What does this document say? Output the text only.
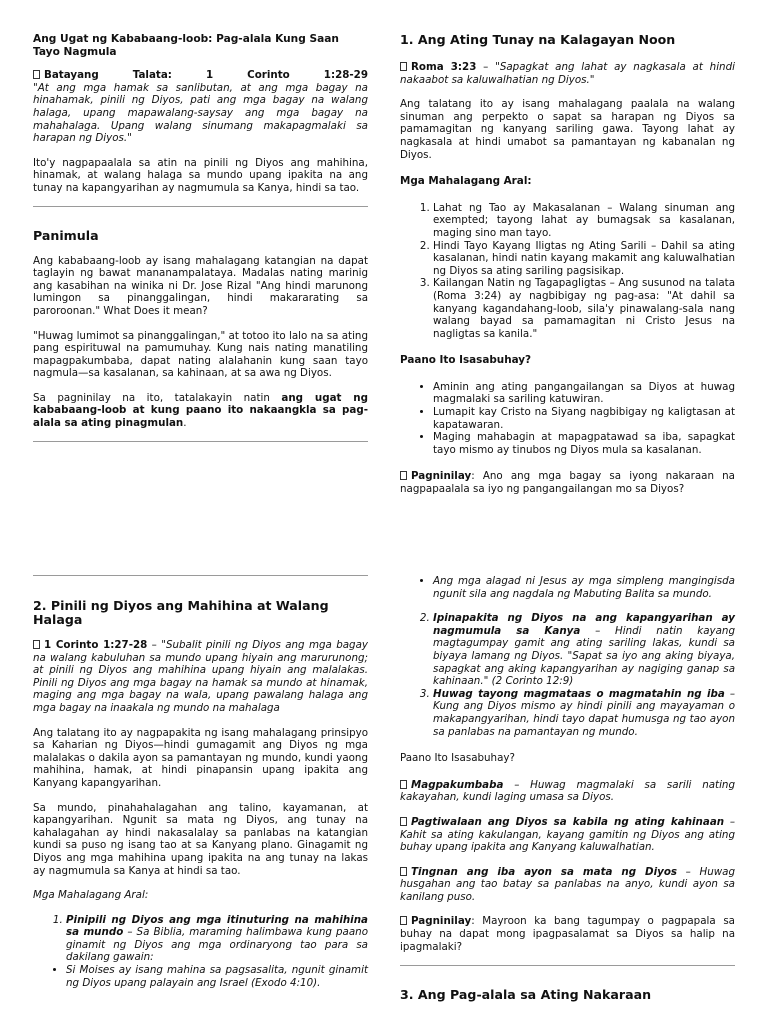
Ang Ugat ng Kababaang-loob: Pag-alala Kung Saan Tayo Nagmula

Batayang Talata: 1 Corinto 1:28-29

"At ang mga hamak sa sanlibutan, at ang mga bagay na hinahamak, pinili ng Diyos, pati ang mga bagay na walang halaga, upang mapawalang-saysay ang mga bagay na mahahalaga. Upang walang sinumang makapagmalaki sa harapan ng Diyos."

Ito'y nagpapaalala sa atin na pinili ng Diyos ang mahihina, hinamak, at walang halaga sa mundo upang ipakita na ang tunay na kapangyarihan ay nagmumula sa Kanya, hindi sa tao.

Panimula

Ang kababaang-loob ay isang mahalagang katangian na dapat taglayin ng bawat mananampalataya. Madalas nating marinig ang kasabihan na winika ni Dr. Jose Rizal "Ang hindi marunong lumingon sa pinanggalingan, hindi makararating sa paroroonan." What Does it mean?

"Huwag lumimot sa pinanggalingan," at totoo ito lalo na sa ating pang espirituwal na pamumuhay. Kung nais nating manatiling mapagpakumbaba, dapat nating alalahanin kung saan tayo nagmula—sa kasalanan, sa kahinaan, at sa awa ng Diyos.

Sa pagninilay na ito, tatalakayin natin ang ugat ng kababaang-loob at kung paano ito nakaangkla sa pag-alala sa ating pinagmulan.

1. Ang Ating Tunay na Kalagayan Noon

Roma 3:23 – "Sapagkat ang lahat ay nagkasala at hindi nakaabot sa kaluwalhatian ng Diyos."

Ang talatang ito ay isang mahalagang paalala na walang sinuman ang perpekto o sapat sa harapan ng Diyos sa pamamagitan ng kanyang sariling gawa. Tayong lahat ay nagkasala at hindi umabot sa pamantayan ng kabanalan ng Diyos.

Mga Mahalagang Aral:
1. Lahat ng Tao ay Makasalanan – Walang sinuman ang exempted; tayong lahat ay bumagsak sa kasalanan, maging sino man tayo.
2. Hindi Tayo Kayang Iligtas ng Ating Sarili – Dahil sa ating kasalanan, hindi natin kayang makamit ang kaluwalhatian ng Diyos sa ating sariling pagsisikap.
3. Kailangan Natin ng Tagapagligtas – Ang susunod na talata (Roma 3:24) ay nagbibigay ng pag-asa: "At dahil sa kanyang kagandahang-loob, sila'y pinawalang-sala nang walang bayad sa pamamagitan ni Cristo Jesus na nagligtas sa kanila."
Paano Ito Isasabuhay?
• Aminin ang ating pangangailangan sa Diyos at huwag magmalaki sa sariling katuwiran.
• Lumapit kay Cristo na Siyang nagbibigay ng kaligtasan at kapatawaran.
• Maging mahabagin at mapagpatawad sa iba, sapagkat tayo mismo ay tinubos ng Diyos mula sa kasalanan.

Pagninilay: Ano ang mga bagay sa iyong nakaraan na nagpapaalala sa iyo ng pangangailangan mo sa Diyos?

2. Pinili ng Diyos ang Mahihina at Walang Halaga

1 Corinto 1:27-28 – "Subalit pinili ng Diyos ang mga bagay na walang kabuluhan sa mundo upang hiyain ang marurunong; at pinili ng Diyos ang mahihina upang hiyain ang malalakas. Pinili ng Diyos ang mga bagay na hamak sa mundo at hinamak, maging ang mga bagay na wala, upang pawalang halaga ang mga bagay na inaakala ng mundo na mahalaga

Ang talatang ito ay nagpapakita ng isang mahalagang prinsipyo sa Kaharian ng Diyos—hindi gumagamit ang Diyos ng mga malalakas o dakila ayon sa pamantayan ng mundo, kundi yaong mahihina, hamak, at hindi pinapansin upang ipakita ang Kanyang kapangyarihan.

Sa mundo, pinahahalagahan ang talino, kayamanan, at kapangyarihan. Ngunit sa mata ng Diyos, ang tunay na kahalagahan ay hindi nakasalalay sa panlabas na katangian kundi sa puso ng isang tao at sa Kanyang plano. Ginagamit ng Diyos ang mga mahihina upang ipakita na ang tunay na lakas ay nagmumula sa Kanya at hindi sa tao.

Mga Mahalagang Aral:

1. Pinipili ng Diyos ang mga itinuturing na mahihina sa mundo – Sa Biblia, maraming halimbawa kung paano ginamit ng Diyos ang mga ordinaryong tao para sa dakilang gawain:
• Si Moises ay isang mahina sa pagsasalita, ngunit ginamit ng Diyos upang palayain ang Israel (Exodo 4:10).
• Ang mga alagad ni Jesus ay mga simpleng mangingisda ngunit sila ang nagdala ng Mabuting Balita sa mundo.
2. Ipinapakita ng Diyos na ang kapangyarihan ay nagmumula sa Kanya – Hindi natin kayang magtagumpay gamit ang ating sariling lakas, kundi sa biyaya lamang ng Diyos. "Sapat sa iyo ang aking biyaya, sapagkat ang aking kapangyarihan ay nagiging ganap sa kahinaan." (2 Corinto 12:9)
3. Huwag tayong magmataas o magmatahin ng iba – Kung ang Diyos mismo ay hindi pinili ang mayayaman o makapangyarihan, hindi tayo dapat humusga ng tao ayon sa panlabas na pamantayan ng mundo.

Paano Ito Isasabuhay?

Magpakumbaba – Huwag magmalaki sa sarili nating kakayahan, kundi laging umasa sa Diyos.

Pagtiwalaan ang Diyos sa kabila ng ating kahinaan – Kahit sa ating kakulangan, kayang gamitin ng Diyos ang ating buhay upang ipakita ang Kanyang kaluwalhatian.

Tingnan ang iba ayon sa mata ng Diyos – Huwag husgahan ang tao batay sa panlabas na anyo, kundi ayon sa kanilang puso.

Pagninilay: Mayroon ka bang tagumpay o pagpapala sa buhay na dapat mong ipagpasalamat sa Diyos sa halip na ipagmalaki?

3. Ang Pag-alala sa Ating Nakaraan
